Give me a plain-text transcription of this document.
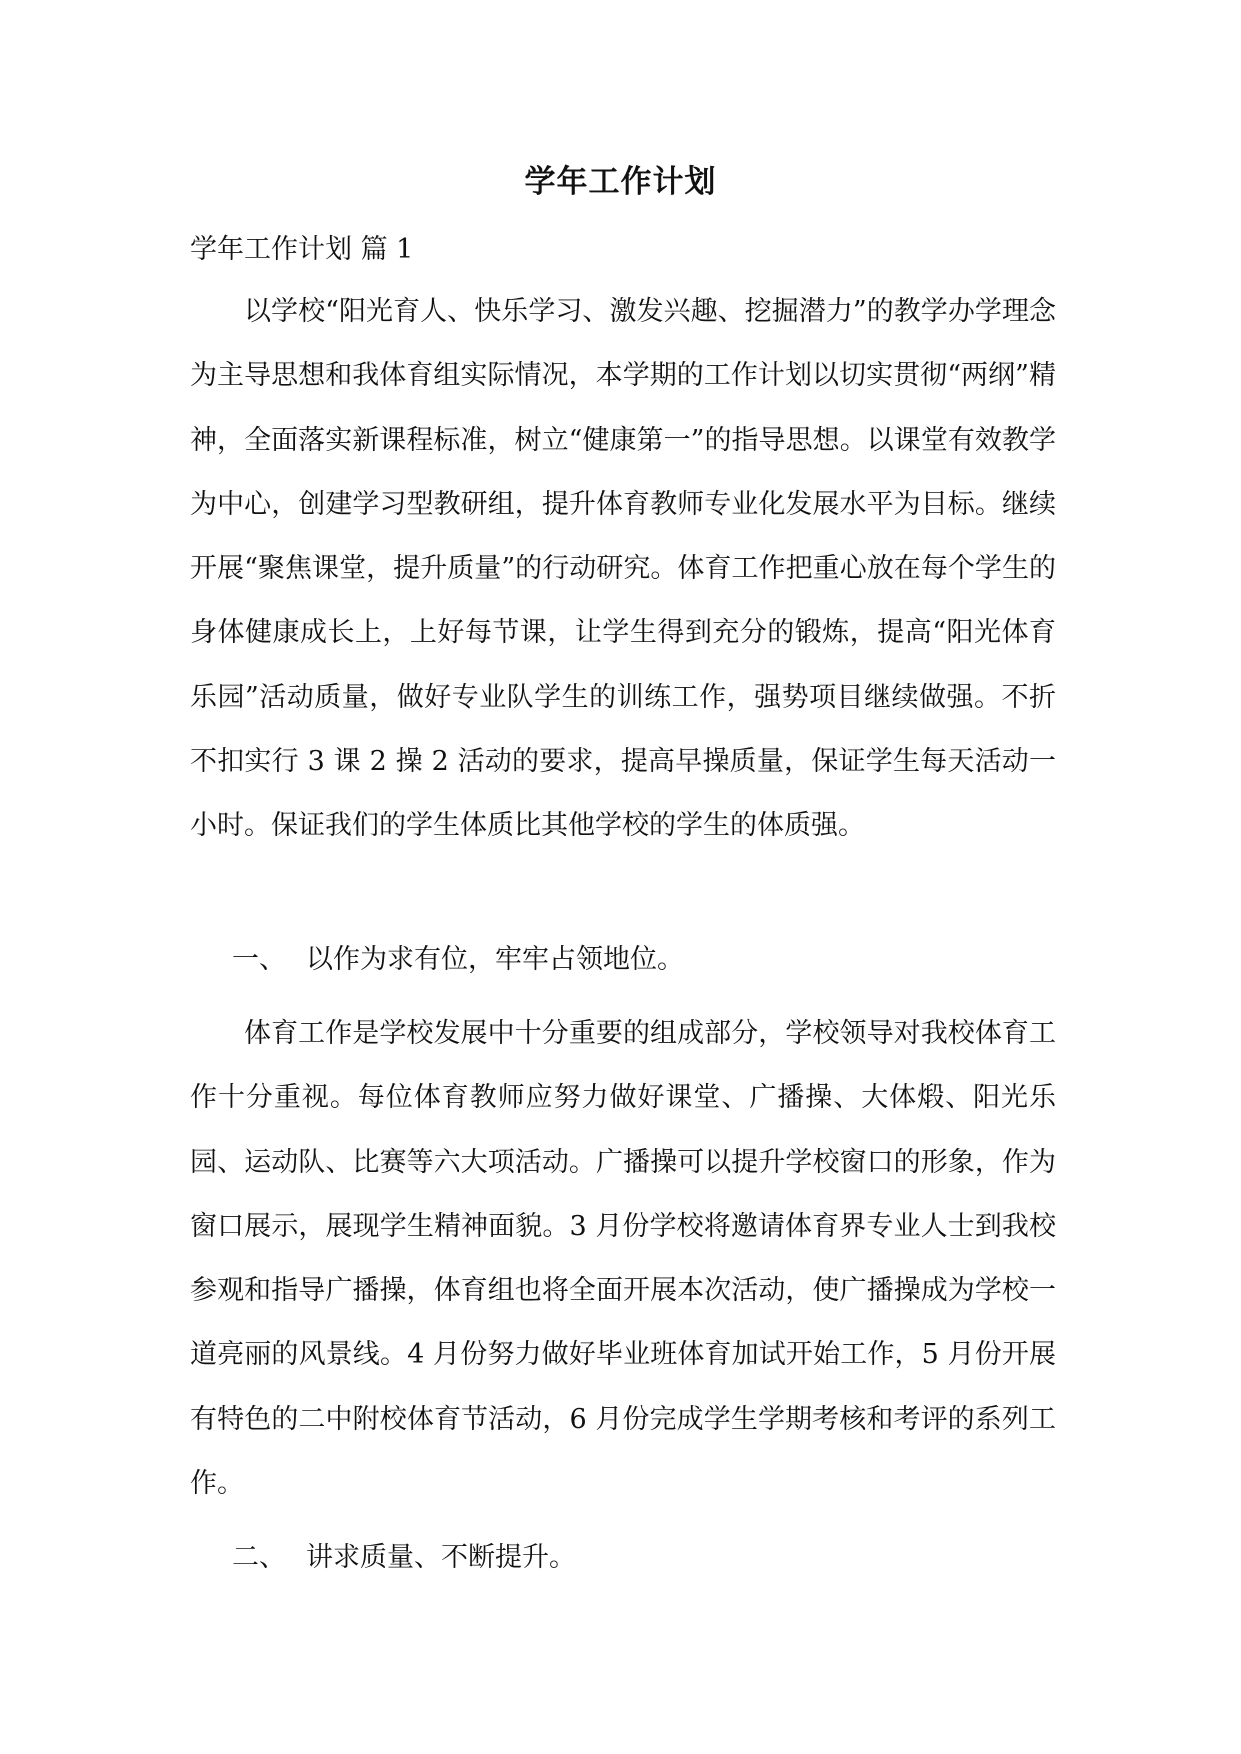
学年工作计划
学年工作计划 篇 1

以学校“阳光育人、快乐学习、激发兴趣、挖掘潜力”的教学办学理念为主导思想和我体育组实际情况，本学期的工作计划以切实贯彻“两纲”精神，全面落实新课程标准，树立“健康第一”的指导思想。以课堂有效教学为中心，创建学习型教研组，提升体育教师专业化发展水平为目标。继续开展“聚焦课堂，提升质量”的行动研究。体育工作把重心放在每个学生的身体健康成长上，上好每节课，让学生得到充分的锻炼，提高“阳光体育乐园”活动质量，做好专业队学生的训练工作，强势项目继续做强。不折不扣实行 3 课 2 操 2 活动的要求，提高早操质量，保证学生每天活动一小时。保证我们的学生体质比其他学校的学生的体质强。

一、 以作为求有位，牢牢占领地位。

体育工作是学校发展中十分重要的组成部分，学校领导对我校体育工作十分重视。每位体育教师应努力做好课堂、广播操、大体煅、阳光乐园、运动队、比赛等六大项活动。广播操可以提升学校窗口的形象，作为窗口展示，展现学生精神面貌。3 月份学校将邀请体育界专业人士到我校参观和指导广播操，体育组也将全面开展本次活动，使广播操成为学校一道亮丽的风景线。4 月份努力做好毕业班体育加试开始工作，5 月份开展有特色的二中附校体育节活动，6 月份完成学生学期考核和考评的系列工作。

二、 讲求质量、不断提升。
